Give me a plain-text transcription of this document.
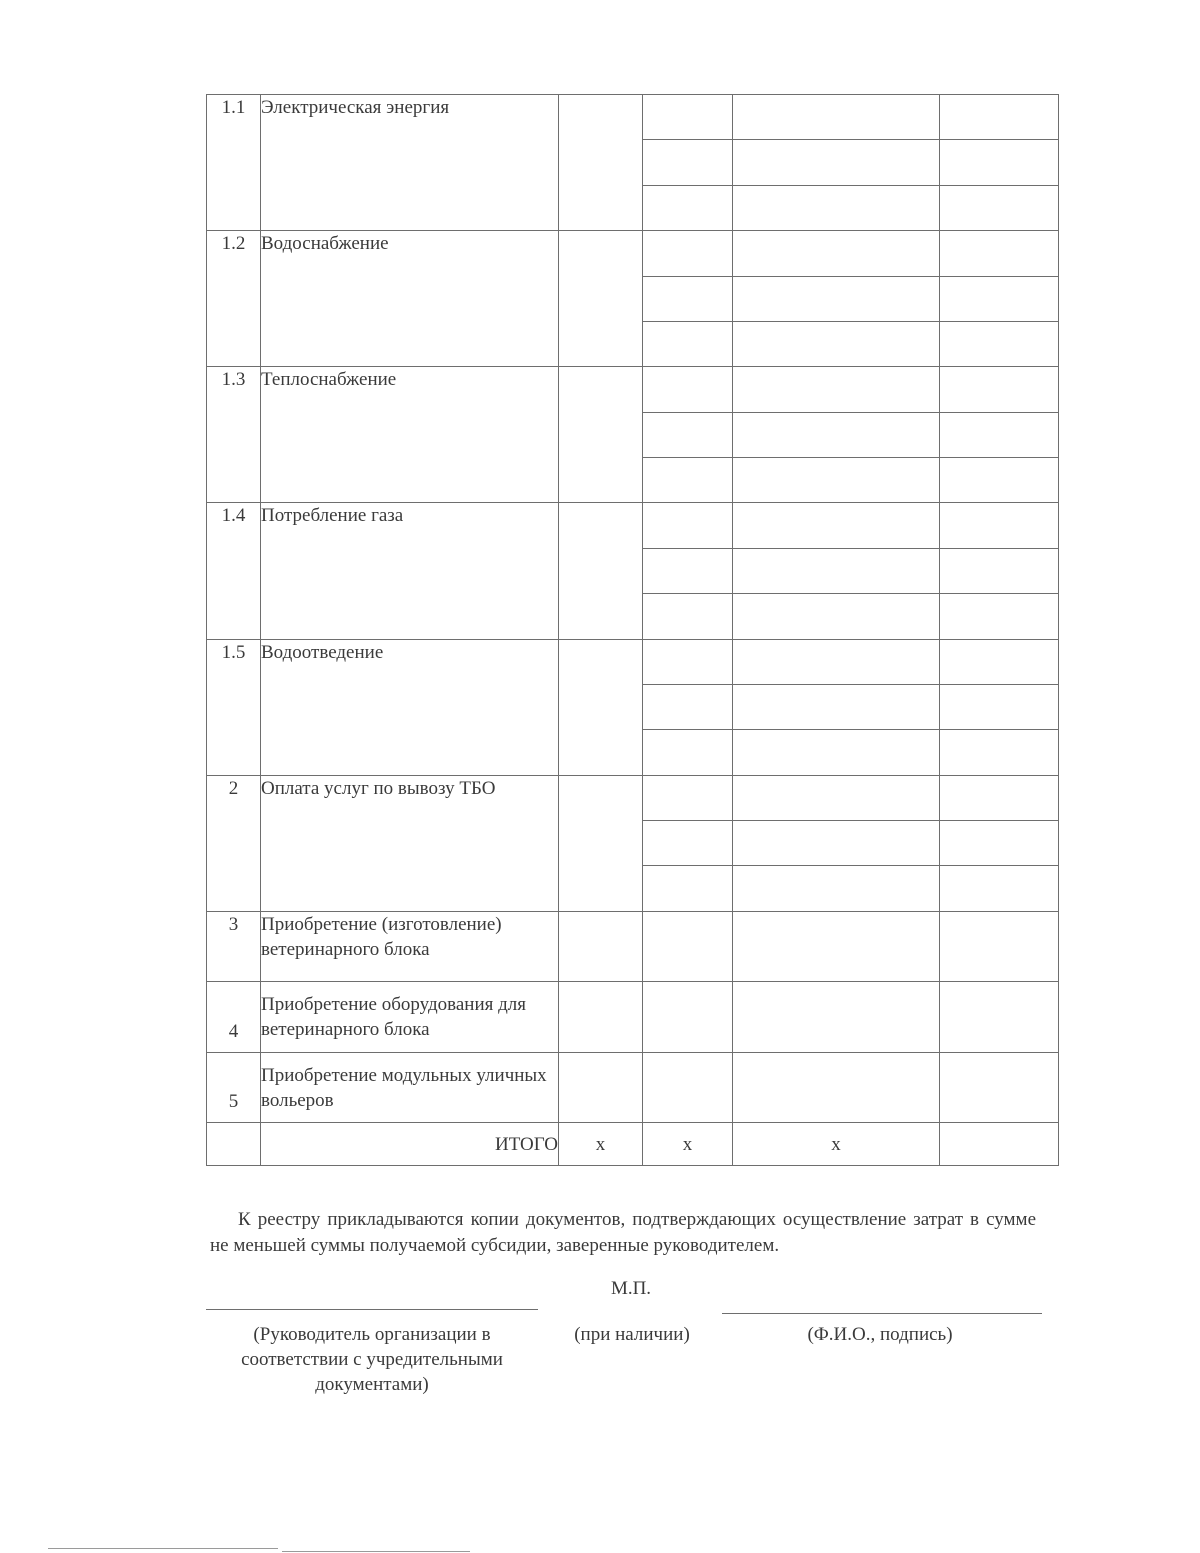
1.1	Электрическая энергия				

1.2	Водоснабжение				

1.3	Теплоснабжение				

1.4	Потребление газа				

1.5	Водоотведение				

2	Оплата услуг по вывозу ТБО				

3	Приобретение (изготовление) ветеринарного блока				
4	Приобретение оборудования для ветеринарного блока				
5	Приобретение модульных уличных вольеров				
	ИТОГО	х	х	х	
К реестру прикладываются копии документов, подтверждающих осуществление затрат в сумме не меньшей суммы получаемой субсидии, заверенные руководителем.
М.П.
(Руководитель организации в соответствии с учредительными документами)
(при наличии)	(Ф.И.О., подпись)
